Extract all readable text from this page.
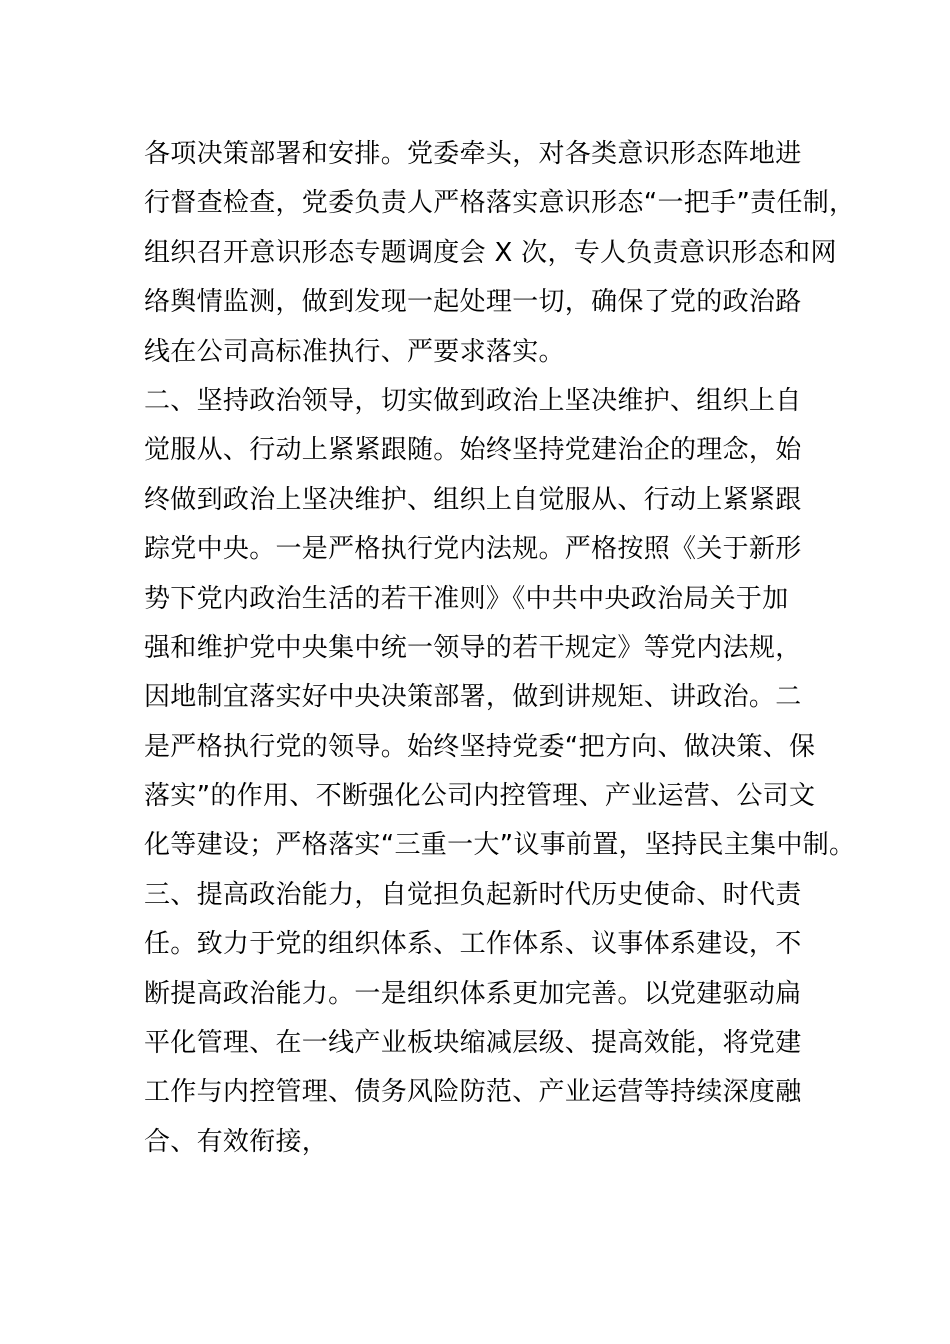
各项决策部署和安排。党委牵头，对各类意识形态阵地进
行督查检查，党委负责人严格落实意识形态“一把手”责任制，
组织召开意识形态专题调度会 X 次，专人负责意识形态和网
络舆情监测，做到发现一起处理一切，确保了党的政治路
线在公司高标准执行、严要求落实。
二、坚持政治领导，切实做到政治上坚决维护、组织上自
觉服从、行动上紧紧跟随。始终坚持党建治企的理念，始
终做到政治上坚决维护、组织上自觉服从、行动上紧紧跟
踪党中央。一是严格执行党内法规。严格按照《关于新形
势下党内政治生活的若干准则》《中共中央政治局关于加
强和维护党中央集中统一领导的若干规定》等党内法规，
因地制宜落实好中央决策部署，做到讲规矩、讲政治。二
是严格执行党的领导。始终坚持党委“把方向、做决策、保
落实”的作用、不断强化公司内控管理、产业运营、公司文
化等建设；严格落实“三重一大”议事前置，坚持民主集中制。
三、提高政治能力，自觉担负起新时代历史使命、时代责
任。致力于党的组织体系、工作体系、议事体系建设，不
断提高政治能力。一是组织体系更加完善。以党建驱动扁
平化管理、在一线产业板块缩减层级、提高效能，将党建
工作与内控管理、债务风险防范、产业运营等持续深度融
合、有效衔接，
